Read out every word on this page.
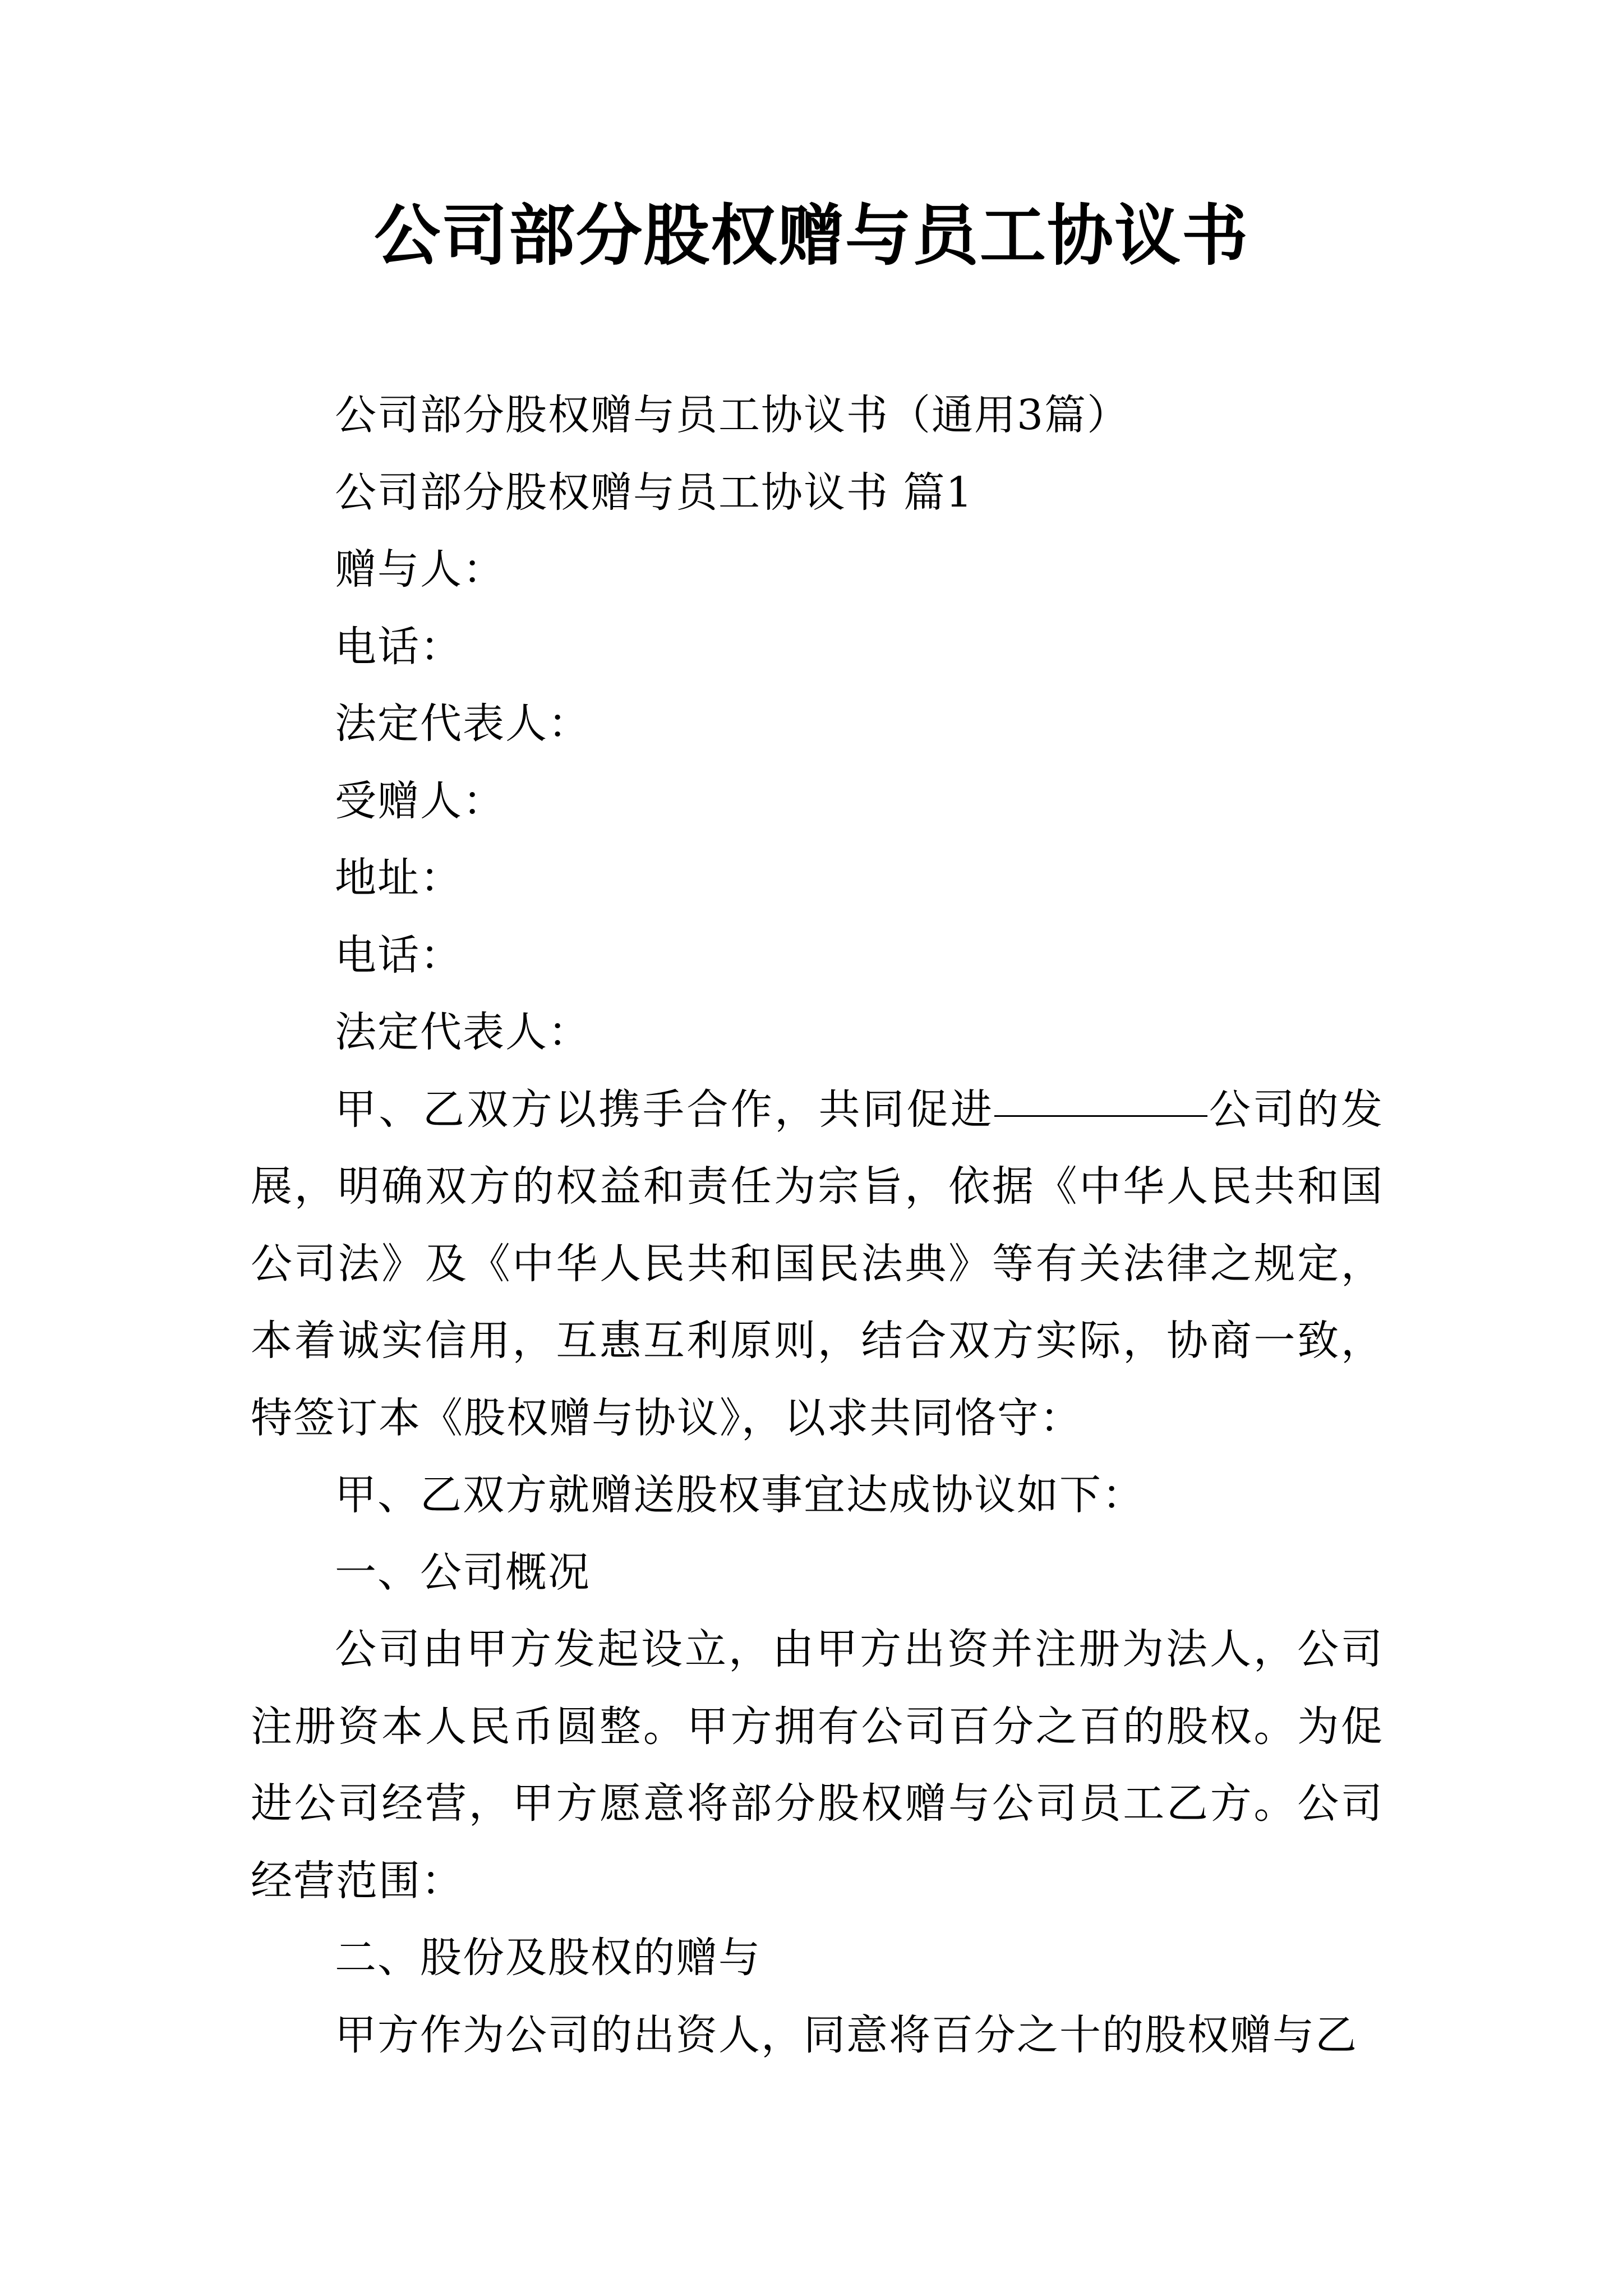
公司部分股权赠与员工协议书

公司部分股权赠与员工协议书（通用3篇）

公司部分股权赠与员工协议书 篇1

赠与人：

电话：

法定代表人：

受赠人：

地址：

电话：

法定代表人：

甲、乙双方以携手合作，共同促进	公司的发展，明确双方的权益和责任为宗旨，依据《中华人民共和国公司法》及《中华人民共和国民法典》等有关法律之规定，本着诚实信用，互惠互利原则，结合双方实际，协商一致，特签订本《股权赠与协议》，以求共同恪守：

甲、乙双方就赠送股权事宜达成协议如下：

一、公司概况

公司由甲方发起设立，由甲方出资并注册为法人，公司注册资本人民币圆整。甲方拥有公司百分之百的股权。为促进公司经营，甲方愿意将部分股权赠与公司员工乙方。公司经营范围：

二、股份及股权的赠与

甲方作为公司的出资人，同意将百分之十的股权赠与乙
